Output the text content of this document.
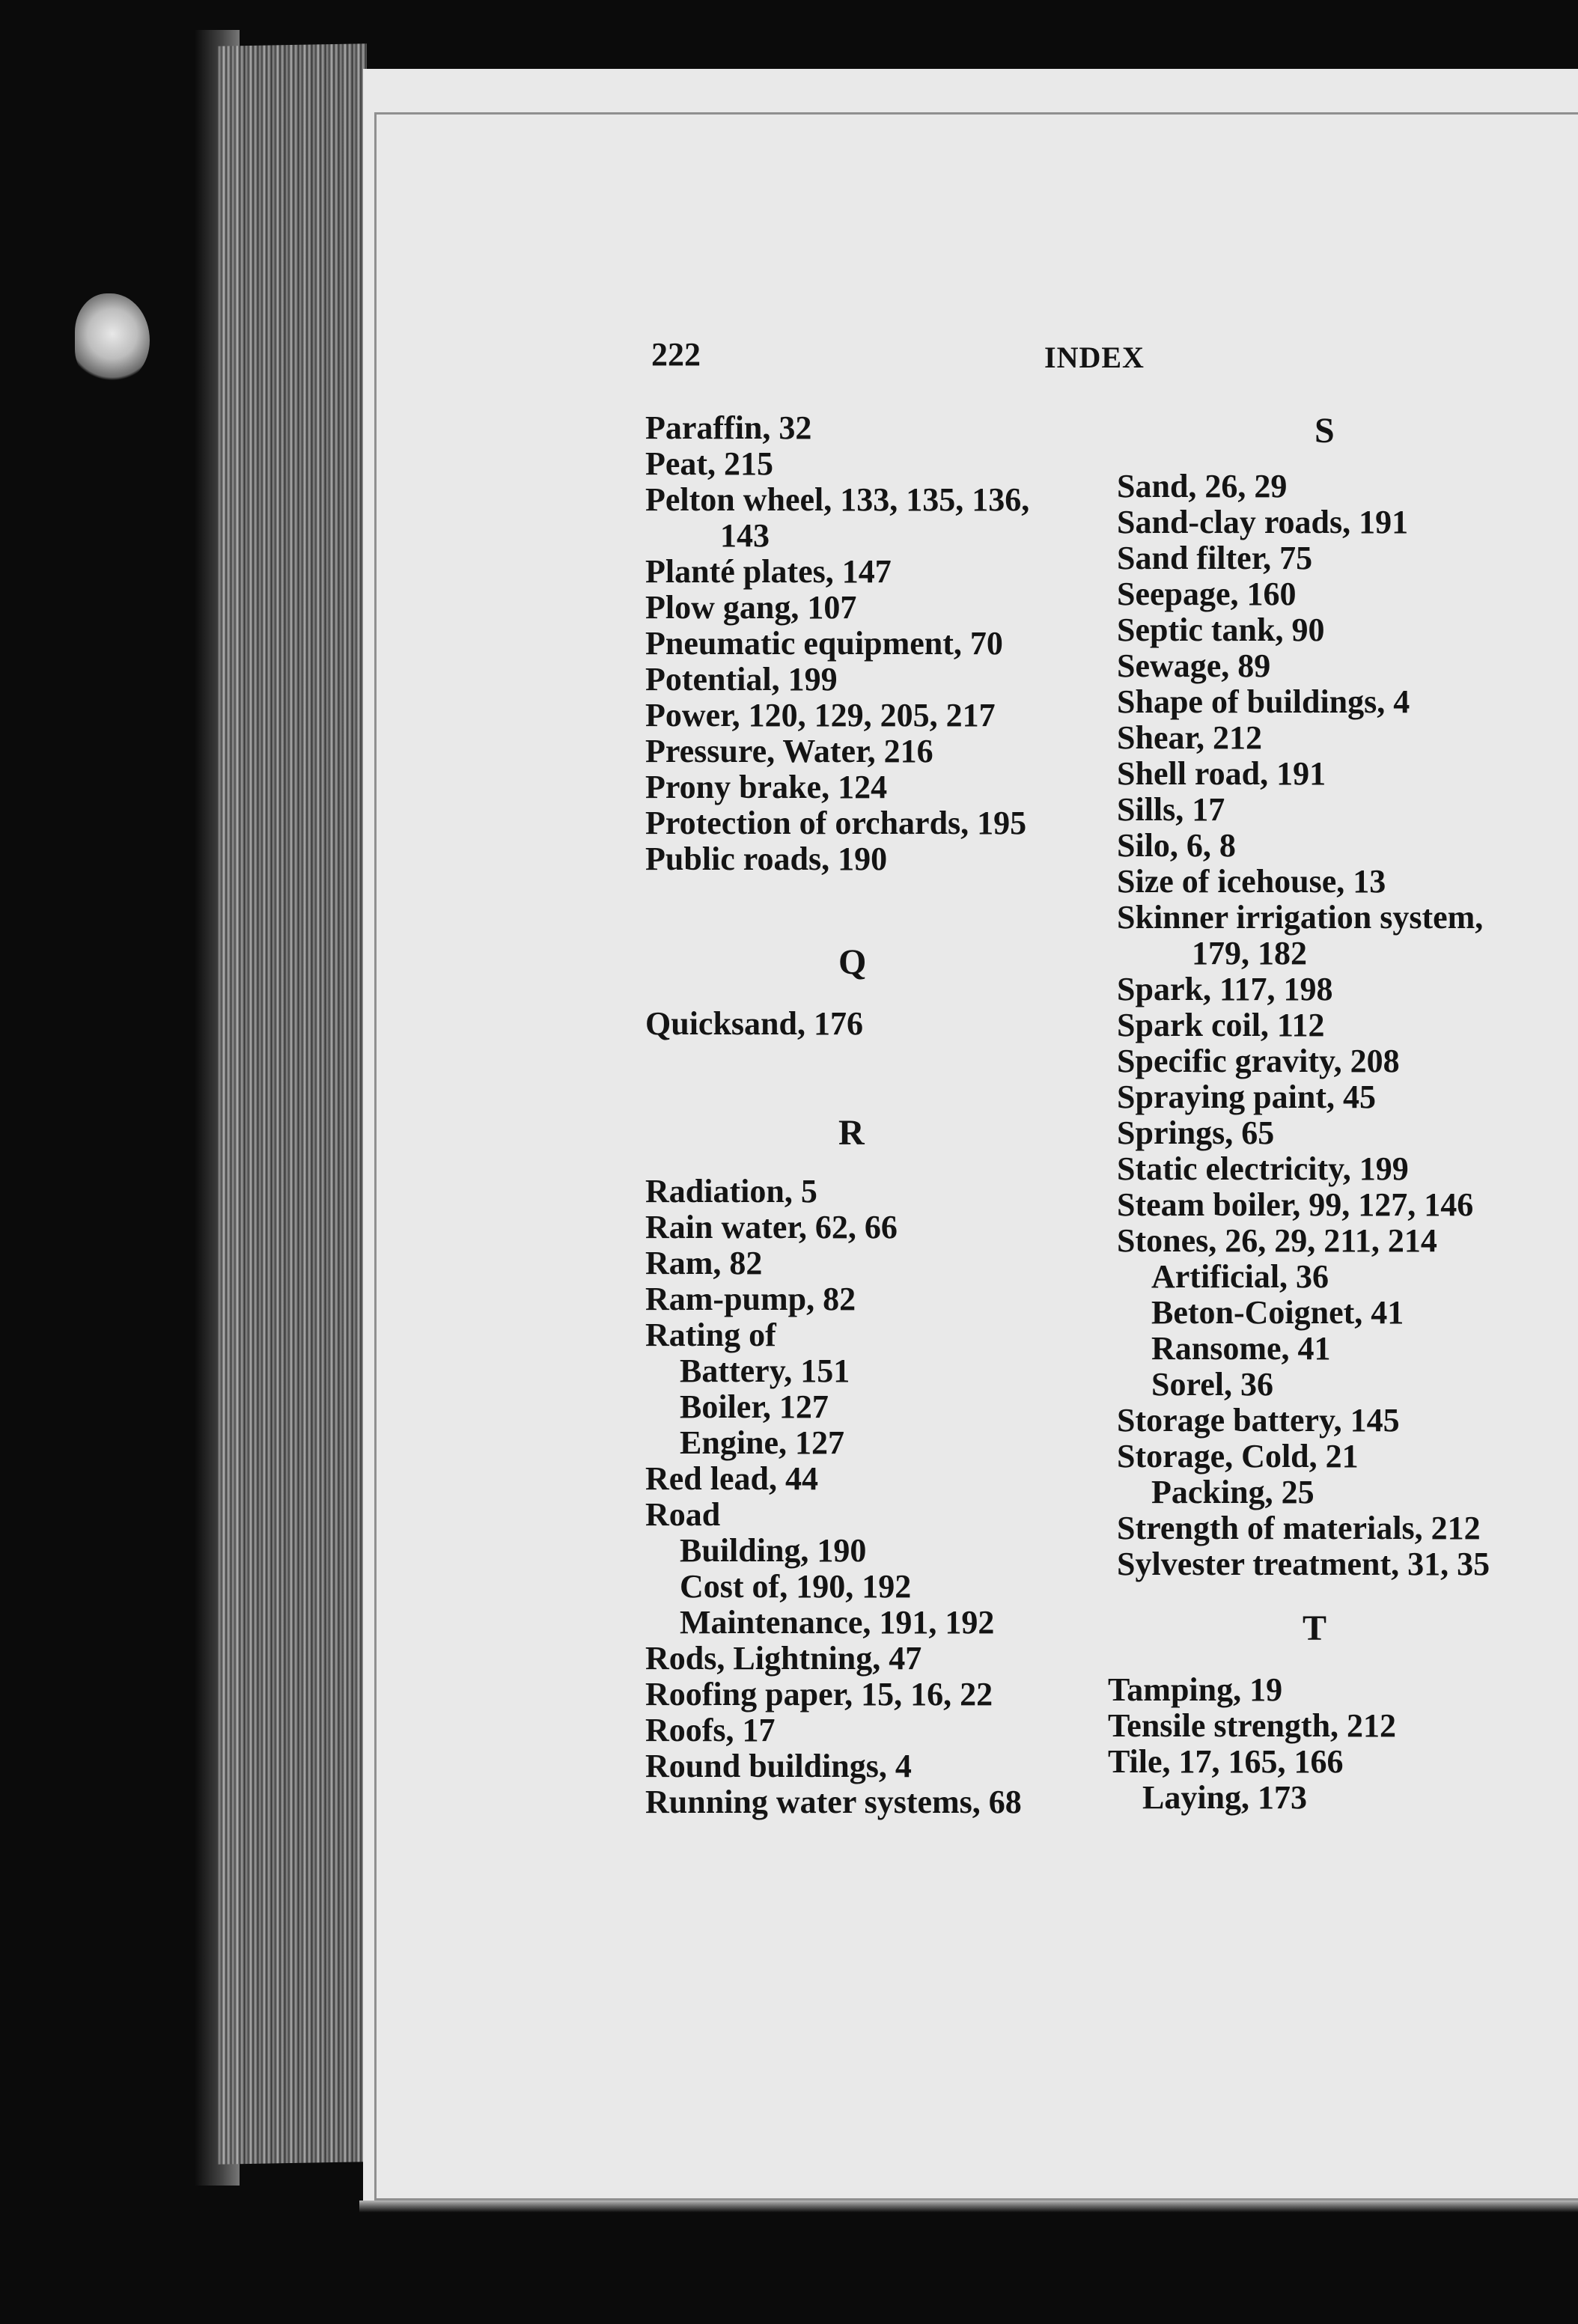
222	INDEX
Paraffin, 32
Peat, 215
Pelton wheel, 133, 135, 136,
143
Planté plates, 147
Plow gang, 107
Pneumatic equipment, 70
Potential, 199
Power, 120, 129, 205, 217
Pressure, Water, 216
Prony brake, 124
Protection of orchards, 195
Public roads, 190
Q
Quicksand, 176
R
Radiation, 5
Rain water, 62, 66
Ram, 82
Ram-pump, 82
Rating of
Battery, 151
Boiler, 127
Engine, 127
Red lead, 44
Road
Building, 190
Cost of, 190, 192
Maintenance, 191, 192
Rods, Lightning, 47
Roofing paper, 15, 16, 22
Roofs, 17
Round buildings, 4
Running water systems, 68
S
Sand, 26, 29
Sand-clay roads, 191
Sand filter, 75
Seepage, 160
Septic tank, 90
Sewage, 89
Shape of buildings, 4
Shear, 212
Shell road, 191
Sills, 17
Silo, 6, 8
Size of icehouse, 13
Skinner irrigation system,
179, 182
Spark, 117, 198
Spark coil, 112
Specific gravity, 208
Spraying paint, 45
Springs, 65
Static electricity, 199
Steam boiler, 99, 127, 146
Stones, 26, 29, 211, 214
Artificial, 36
Beton-Coignet, 41
Ransome, 41
Sorel, 36
Storage battery, 145
Storage, Cold, 21
Packing, 25
Strength of materials, 212
Sylvester treatment, 31, 35
T
Tamping, 19
Tensile strength, 212
Tile, 17, 165, 166
Laying, 173
